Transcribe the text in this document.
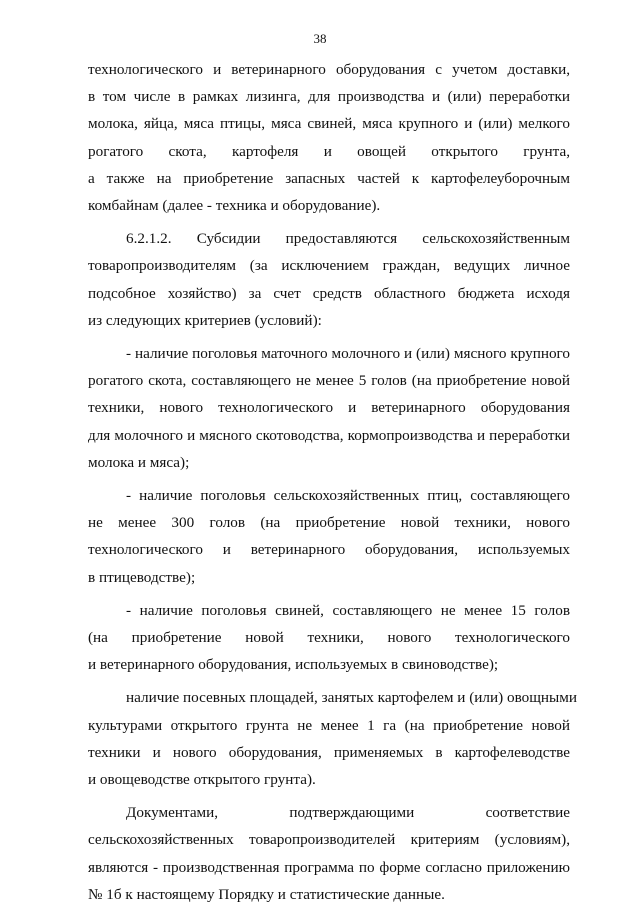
38

технологического и ветеринарного оборудования с учетом доставки,
в том числе в рамках лизинга, для производства и (или) переработки
молока, яйца, мяса птицы, мяса свиней, мяса крупного и (или) мелкого
рогатого скота, картофеля и овощей открытого грунта,
а также на приобретение запасных частей к картофелеуборочным
комбайнам (далее - техника и оборудование).

6.2.1.2. Субсидии предоставляются сельскохозяйственным
товаропроизводителям (за исключением граждан, ведущих личное
подсобное хозяйство) за счет средств областного бюджета исходя
из следующих критериев (условий):

- наличие поголовья маточного молочного и (или) мясного крупного
рогатого скота, составляющего не менее 5 голов (на приобретение новой
техники, нового технологического и ветеринарного оборудования
для молочного и мясного скотоводства, кормопроизводства и переработки
молока и мяса);

- наличие поголовья сельскохозяйственных птиц, составляющего
не менее 300 голов (на приобретение новой техники, нового
технологического и ветеринарного оборудования, используемых
в птицеводстве);

- наличие поголовья свиней, составляющего не менее 15 голов
(на приобретение новой техники, нового технологического
и ветеринарного оборудования, используемых в свиноводстве);

наличие посевных площадей, занятых картофелем и (или) овощными
культурами открытого грунта не менее 1 га (на приобретение новой
техники и нового оборудования, применяемых в картофелеводстве
и овощеводстве открытого грунта).

Документами, подтверждающими соответствие
сельскохозяйственных товаропроизводителей критериям (условиям),
являются - производственная программа по форме согласно приложению
№ 1б к настоящему Порядку и статистические данные.
